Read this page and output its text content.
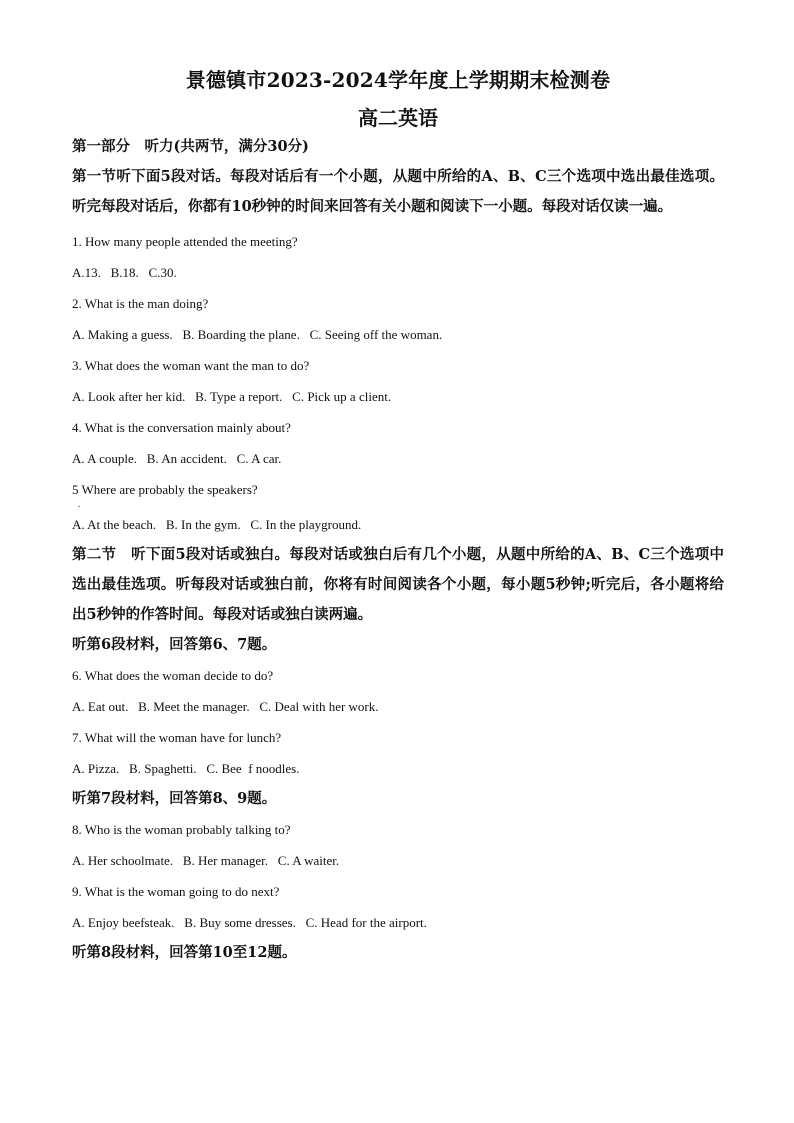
景德镇市2023-2024学年度上学期期末检测卷
高二英语

第一部分　听力(共两节，满分30分)

第一节听下面5段对话。每段对话后有一个小题，从题中所给的A、B、C三个选项中选出最佳选项。听完每段对话后，你都有10秒钟的时间来回答有关小题和阅读下一小题。每段对话仅读一遍。

1. How many people attended the meeting?

A.13.   B.18.   C.30.

2. What is the man doing?

A. Making a guess.   B. Boarding the plane.   C. Seeing off the woman.

3. What does the woman want the man to do?

A. Look after her kid.   B. Type a report.   C. Pick up a client.

4. What is the conversation mainly about?

A. A couple.   B. An accident.   C. A car.

5 Where are probably the speakers?

.

A. At the beach.   B. In the gym.   C. In the playground.

第二节　听下面5段对话或独白。每段对话或独白后有几个小题，从题中所给的A、B、C三个选项中选出最佳选项。听每段对话或独白前，你将有时间阅读各个小题，每小题5秒钟;听完后，各小题将给出5秒钟的作答时间。每段对话或独白读两遍。

听第6段材料，回答第6、7题。

6. What does the woman decide to do?

A. Eat out.   B. Meet the manager.   C. Deal with her work.

7. What will the woman have for lunch?

A. Pizza.   B. Spaghetti.   C. Bee  f noodles.

听第7段材料，回答第8、9题。

8. Who is the woman probably talking to?

A. Her schoolmate.   B. Her manager.   C. A waiter.

9. What is the woman going to do next?

A. Enjoy beefsteak.   B. Buy some dresses.   C. Head for the airport.

听第8段材料，回答第10至12题。
